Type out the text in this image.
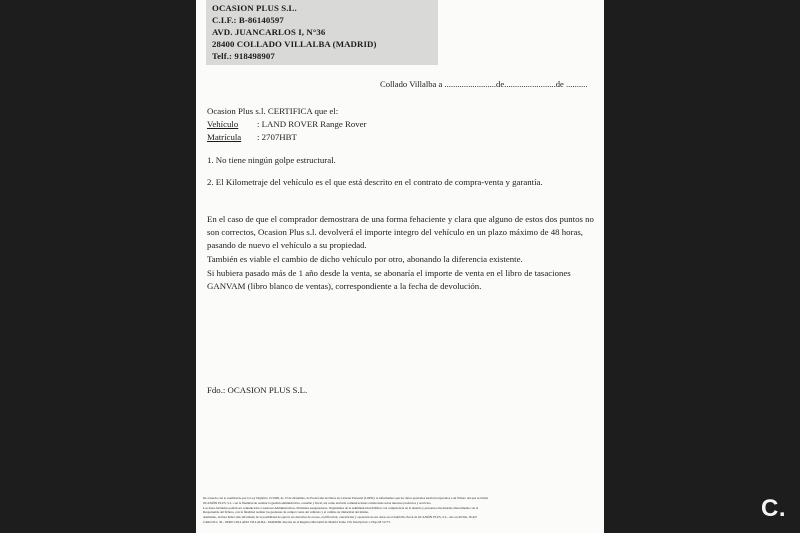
OCASION PLUS S.L.
C.I.F.: B-86140597
AVD. JUANCARLOS I, N°36
28400 COLLADO VILLALBA (MADRID)
Telf.: 918498907
Collado Villalba a ........................de........................de ..........
Ocasion Plus s.l. CERTIFICA que el:
Vehículo : LAND ROVER Range Rover
Matrícula : 2707HBT
1. No tiene ningún golpe estructural.
2. El Kilometraje del vehículo es el que está descrito en el contrato de compra-venta y garantía.
En el caso de que el comprador demostrara de una forma fehaciente y clara que alguno de estos dos puntos no son correctos, Ocasion Plus s.l. devolverá el importe integro del vehículo en un plazo máximo de 48 horas, pasando de nuevo el vehículo a su propiedad.
También es viable el cambio de dicho vehículo por otro, abonando la diferencia existente.
Si hubiera pasado más de 1 año desde la venta, se abonaría el importe de venta en el libro de tasaciones GANVAM (libro blanco de ventas), correspondiente a la fecha de devolución.
Fdo.: OCASION PLUS S.L.
De acuerdo con lo establecido por la Ley Orgánica 15/1999, de 13 de diciembre, de Protección de Datos de Carácter Personal (LOPD), le informamos que los datos aportados serán incorporados a un fichero del que es titular
OCASIÓN PLUS, S.L. con la finalidad de realizar la gestión administrativa, contable y fiscal, así como enviarle comunicaciones comerciales sobre nuestros productos y servicios.
Los datos incluidos podrán ser comunicados a Gestores Administrativos, Entidades Aseguradoras, Organismos de la Administración Pública con competencia en la materia y personas relacionadas directamente con el
Responsable del fichero, con la finalidad realizar las gestiones de compra venta del vehículo y el cambio de titularidad del mismo.
Asimismo, declara haber sido informado de la posibilidad de ejercer los derechos de acceso, rectificación, cancelación y oposición de sus datos en el domicilio fiscal de OCASIÓN PLUS, S.L., sito en AVDA. JUAN
CARLOS I, 36 - 28400 COLLADO VILLALBA - MADRID. Inscrita en el Registro Mercantil de Madrid Tomo 150, Inscripción 1, Hoja M 51173.	C.
